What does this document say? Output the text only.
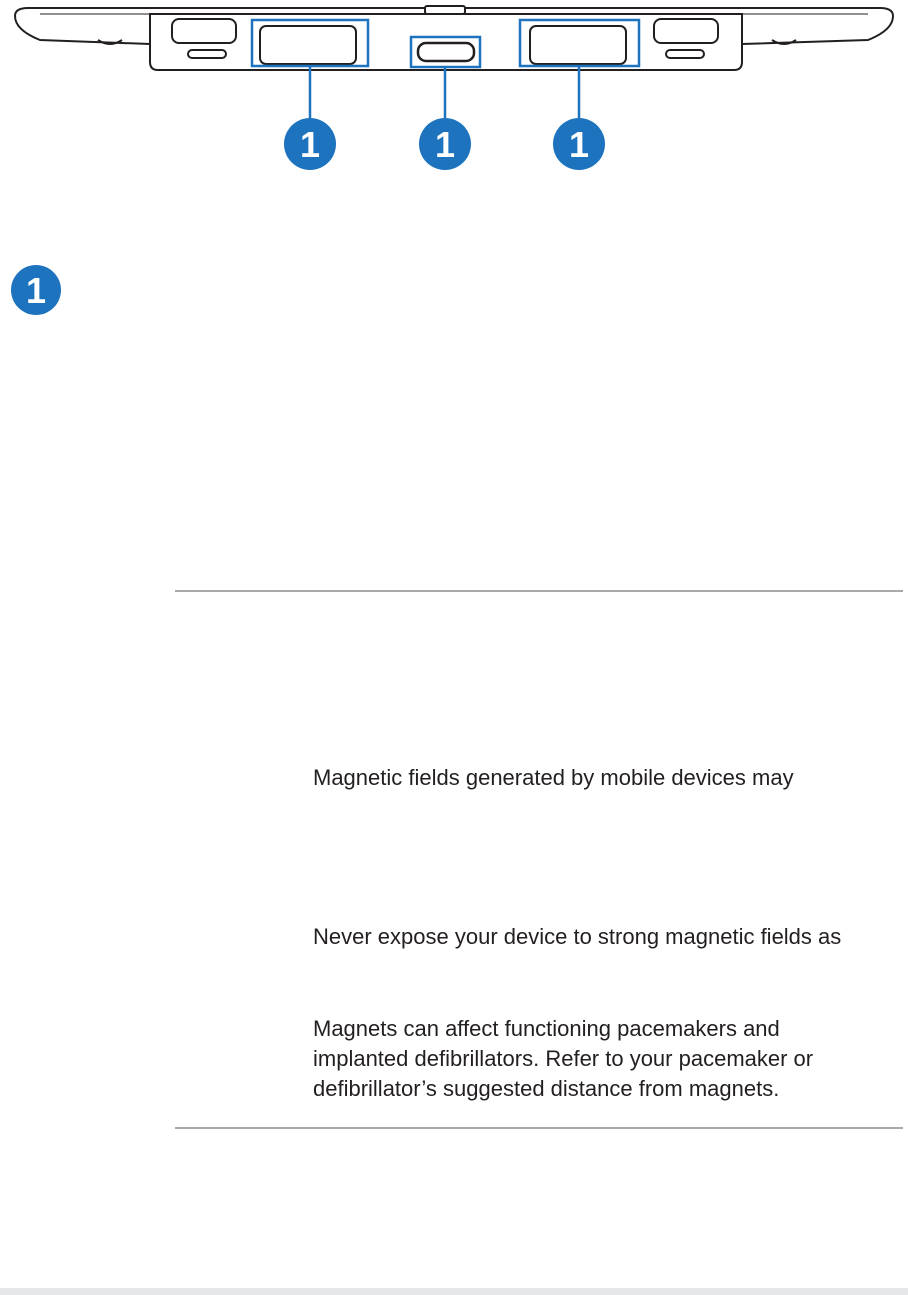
1	1	1
1

Magnetic fields generated by mobile devices may

Never expose your device to strong magnetic fields as

Magnets can affect functioning pacemakers and
implanted defibrillators. Refer to your pacemaker or
defibrillator’s suggested distance from magnets.
